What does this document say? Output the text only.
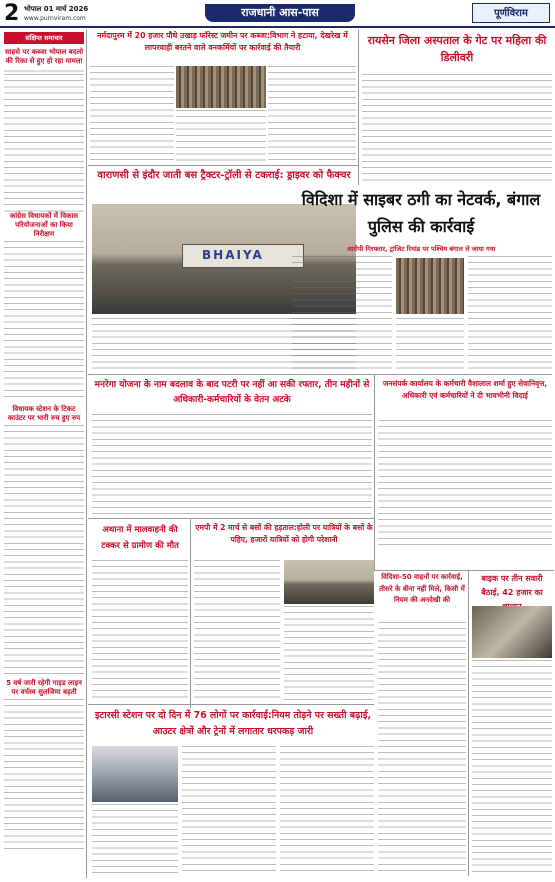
2 भोपाल 01 मार्च 2026
www.purnviram.com	राजधानी आस-पास	पूर्णविराम
संक्षिप्त समाचार
साहसे पर कब्जा भोपाल बदलो की रिका से हुए हो रहा मामला
कांग्रेस विधायकों में विकास परियोजनाओं का किया निरीक्षण
विधायक स्टेशन के टिकट काउंटर पर भारी रुच हुए रुप
5 वर्ष जारी रहेगी गाइड लाइन पर वर्चस्व सुलजिमा बड़ती
नर्मदापुरम में 20 हजार पौधे उखाड़ फॉरेस्ट जमीन पर कब्जा:विभाग ने हटाया, देखरेख में लापरवाही बरतने वाले वनकर्मियों पर कार्रवाई की तैयारी
रायसेन जिला अस्पताल के गेट पर महिला की डिलीवरी
वाराणसी से इंदौर जाती बस ट्रैक्टर-ट्रॉली से टकराई: ड्राइवर को फैक्चर
BHAIYA
विदिशा में साइबर ठगी का नेटवर्क, बंगाल पुलिस की कार्रवाई
आरोपी गिरफ्तार, ट्रांजिट रिमांड पर पश्चिम बंगाल ले जाया गया
मनरेगा योजना के नाम बदलाव के बाद पटरी पर नहीं आ सकी रफ्तार, तीन महीनों से अधिकारी-कर्मचारियों के वेतन अटके
जनसंपर्क कार्यालय के कर्मचारी वैशालाल शर्मा हुए सेवानिवृत्त, अधिकारी एवं कर्मचारियों ने दी भावभीनी विदाई
अथाना में मालवाहनी की टक्कर से ग्रामीण की मौत
एमपी में 2 मार्च से बसों की हड़ताल:होली पर यात्रियों के बसों के पहिए, हजारों यात्रियों को होगी परेशानी
विदिशा-50 वाहनों पर कार्रवाई, तीसरे के बीना नहीं मिले, किसी में नियम की अनदेखी की
बाइक पर तीन सवारी बैठाई, 42 हजार का
इटारसी स्टेशन पर दो दिन में 76 लोगों पर कार्रवाई:नियम तोड़ने पर सख्ती बढ़ाई, आउटर क्षेत्रों और ट्रेनों में लगातार धरपकड़ जारी
